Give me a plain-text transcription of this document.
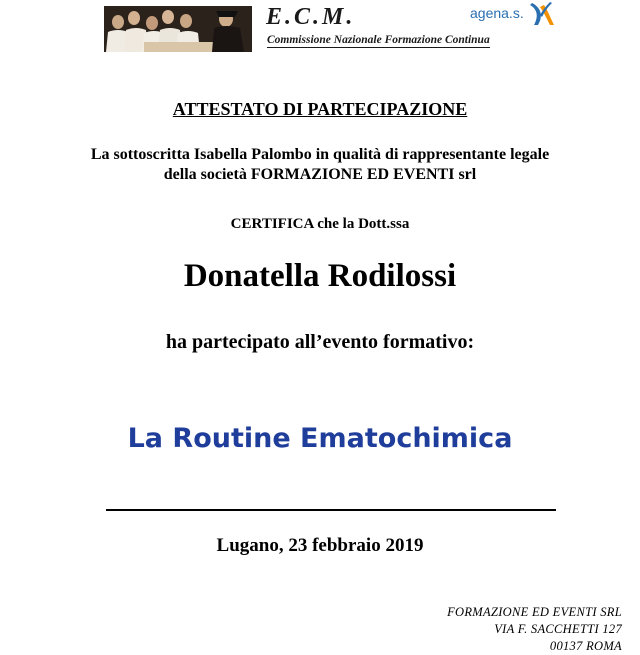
E.C.M.
Commissione Nazionale Formazione Continua
agena.s.
ATTESTATO DI PARTECIPAZIONE
La sottoscritta Isabella Palombo in qualità di rappresentante legale
della società FORMAZIONE ED EVENTI srl
CERTIFICA che la Dott.ssa
Donatella Rodilossi
ha partecipato all’evento formativo:
La Routine Ematochimica
Lugano, 23 febbraio 2019
FORMAZIONE ED EVENTI SRL
VIA F. SACCHETTI 127
00137 ROMA
